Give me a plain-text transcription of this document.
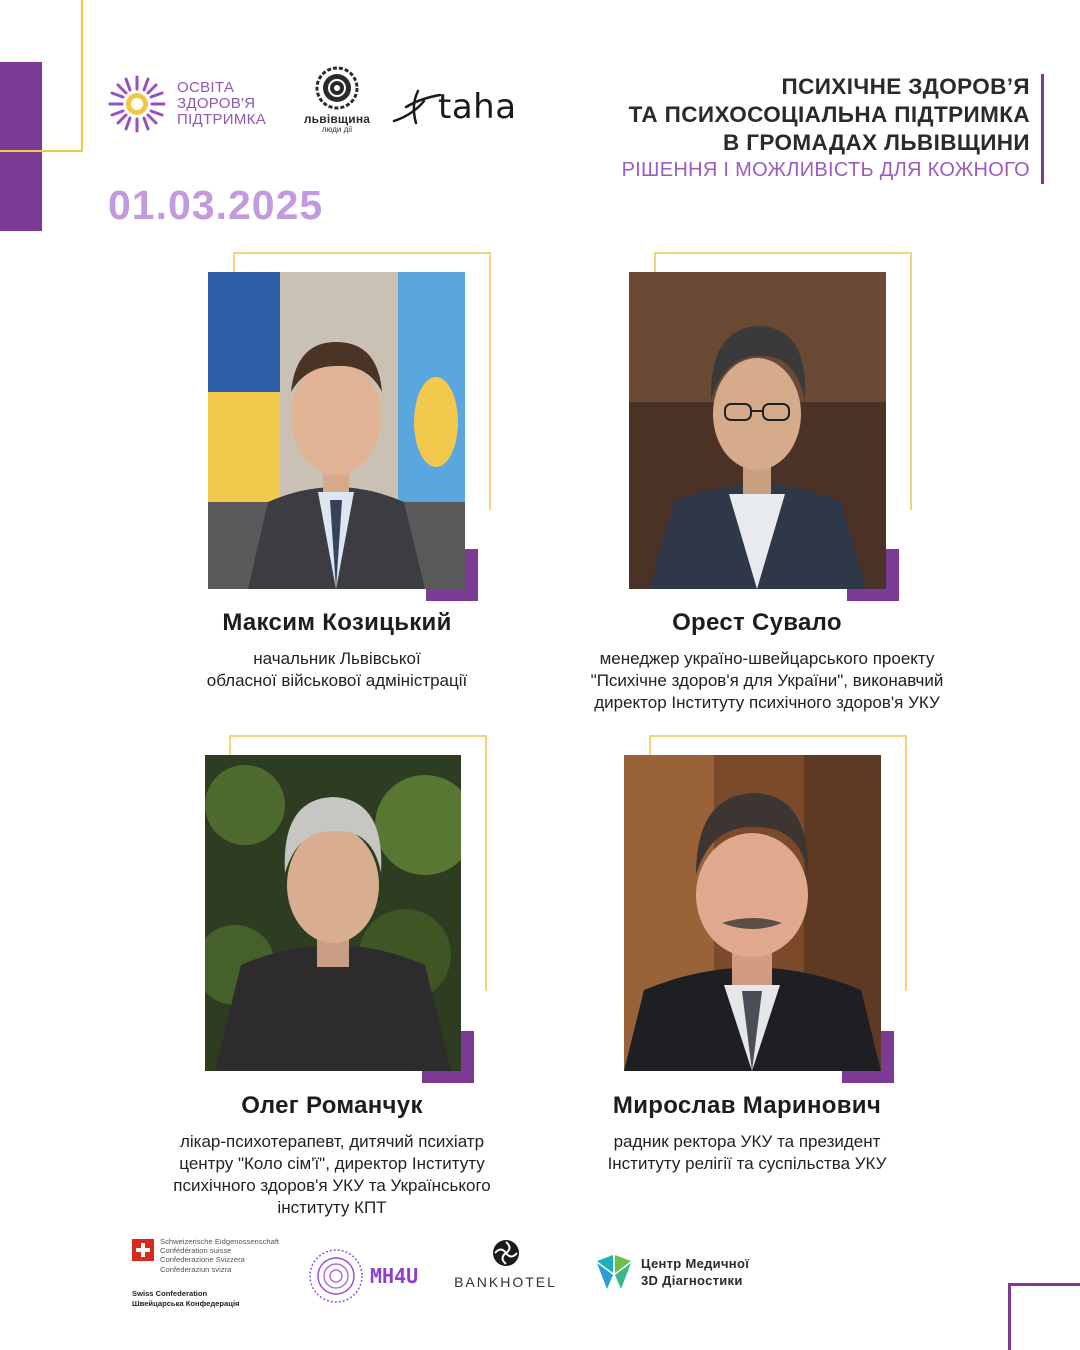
ОСВІТА
ЗДОРОВ'Я
ПІДТРИМКА	львівщина
люди дії
taha
ПСИХІЧНЕ ЗДОРОВ’Я
ТА ПСИХОСОЦІАЛЬНА ПІДТРИМКА
В ГРОМАДАХ ЛЬВІВЩИНИ
РІШЕННЯ І МОЖЛИВІСТЬ ДЛЯ КОЖНОГО
01.03.2025
Максим Козицький
начальник Львівської
обласної військової адміністрації
Орест Сувало
менеджер україно-швейцарського проекту
"Психічне здоров'я для України", виконавчий
директор Інституту психічного здоров'я УКУ
Олег Романчук
лікар-психотерапевт, дитячий психіатр
центру "Коло сім'ї", директор Інституту
психічного здоров'я УКУ та Українського
інституту КПТ
Мирослав Маринович
радник ректора УКУ та президент
Інституту релігії та суспільства УКУ
Schweizerische Eidgenossenschaft
Confédération suisse
Confederazione Svizzera
Confederaziun svizra
Swiss Confederation
Швейцарська Конфедерація
MH4U	BANKHOTEL
Центр Медичної
3D Діагностики
